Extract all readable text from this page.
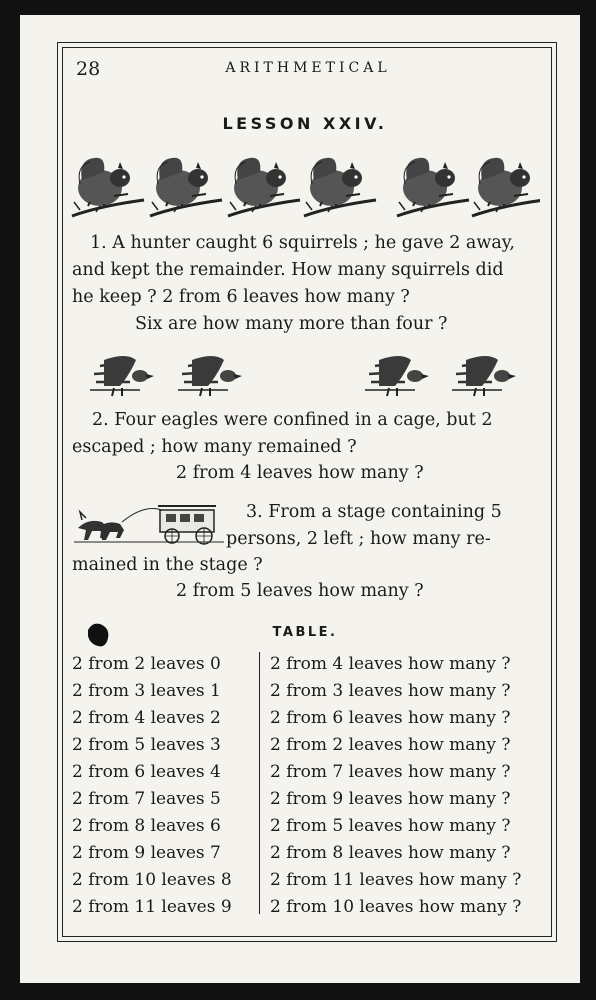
28	ARITHMETICAL

LESSON XXIV.

1. A hunter caught 6 squirrels ; he gave 2 away,

and kept the remainder. How many squirrels did

he keep ? 2 from 6 leaves how many ?

Six are how many more than four ?

2. Four eagles were confined in a cage, but 2

escaped ; how many remained ?

2 from 4 leaves how many ?

3. From a stage containing 5

persons, 2 left ; how many re-

mained in the stage ?

2 from 5 leaves how many ?

TABLE.

2 from 2 leaves 0

2 from 3 leaves 1

2 from 4 leaves 2

2 from 5 leaves 3

2 from 6 leaves 4

2 from 7 leaves 5

2 from 8 leaves 6

2 from 9 leaves 7

2 from 10 leaves 8

2 from 11 leaves 9

2 from 4 leaves how many ?

2 from 3 leaves how many ?

2 from 6 leaves how many ?

2 from 2 leaves how many ?

2 from 7 leaves how many ?

2 from 9 leaves how many ?

2 from 5 leaves how many ?

2 from 8 leaves how many ?

2 from 11 leaves how many ?

2 from 10 leaves how many ?
